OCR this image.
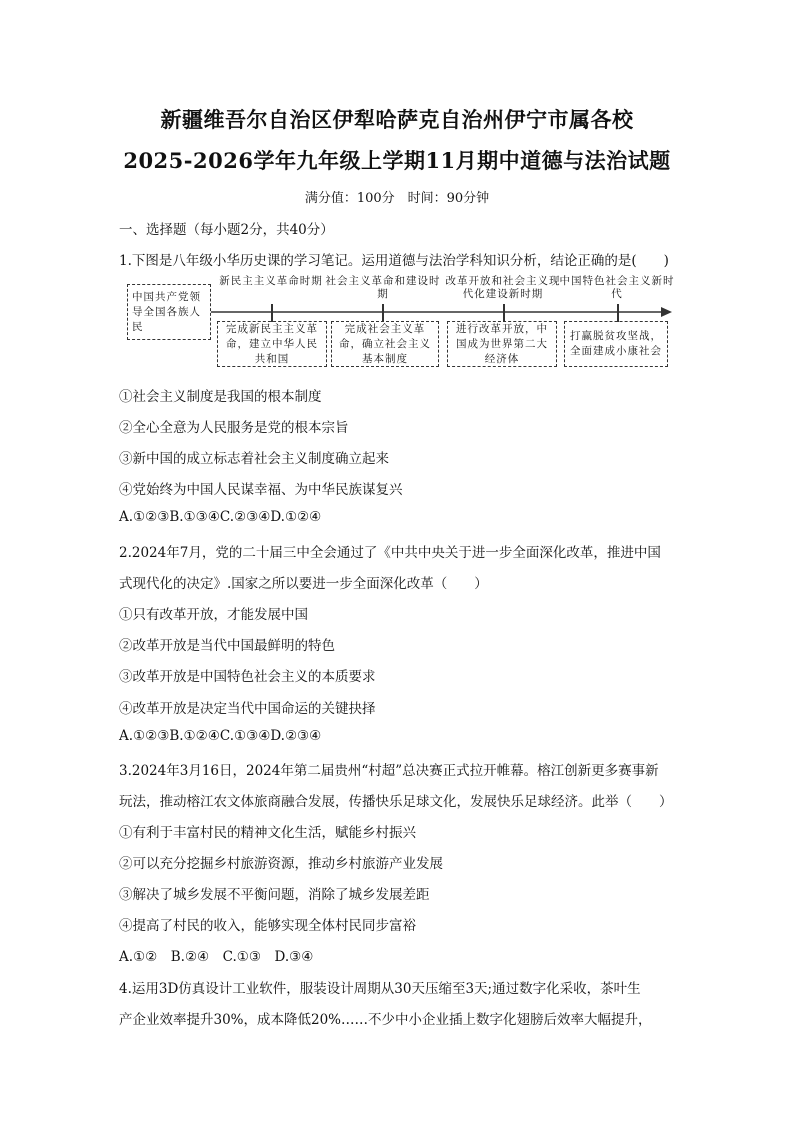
新疆维吾尔自治区伊犁哈萨克自治州伊宁市属各校
2025-2026学年九年级上学期11月期中道德与法治试题
满分值：100分　时间：90分钟
一、选择题（每小题2分，共40分）
1.下图是八年级小华历史课的学习笔记。运用道德与法治学科知识分析，结论正确的是(　　)
中国共产党领导全国各族人民
新民主主义革命时期 社会主义革命和建设时期
改革开放和社会主义现代化建设新时期
中国特色社会主义新时代
完成新民主主义革命，建立中华人民共和国
完成社会主义革命，确立社会主义基本制度
进行改革开放，中国成为世界第二大经济体
打赢脱贫攻坚战，全面建成小康社会
①社会主义制度是我国的根本制度
②全心全意为人民服务是党的根本宗旨
③新中国的成立标志着社会主义制度确立起来
④党始终为中国人民谋幸福、为中华民族谋复兴
A.①②③B.①③④C.②③④D.①②④
2.2024年7月，党的二十届三中全会通过了《中共中央关于进一步全面深化改革，推进中国
式现代化的决定》.国家之所以要进一步全面深化改革（　　）
①只有改革开放，才能发展中国
②改革开放是当代中国最鲜明的特色
③改革开放是中国特色社会主义的本质要求
④改革开放是决定当代中国命运的关键抉择
A.①②③B.①②④C.①③④D.②③④
3.2024年3月16日，2024年第二届贵州“村超”总决赛正式拉开帷幕。榕江创新更多赛事新
玩法，推动榕江农文体旅商融合发展，传播快乐足球文化，发展快乐足球经济。此举（　　）
①有利于丰富村民的精神文化生活，赋能乡村振兴
②可以充分挖掘乡村旅游资源，推动乡村旅游产业发展
③解决了城乡发展不平衡问题，消除了城乡发展差距
④提高了村民的收入，能够实现全体村民同步富裕
A.①②　B.②④　C.①③　D.③④
4.运用3D仿真设计工业软件，服装设计周期从30天压缩至3天;通过数字化采收，茶叶生
产企业效率提升30%，成本降低20%……不少中小企业插上数字化翅膀后效率大幅提升，
